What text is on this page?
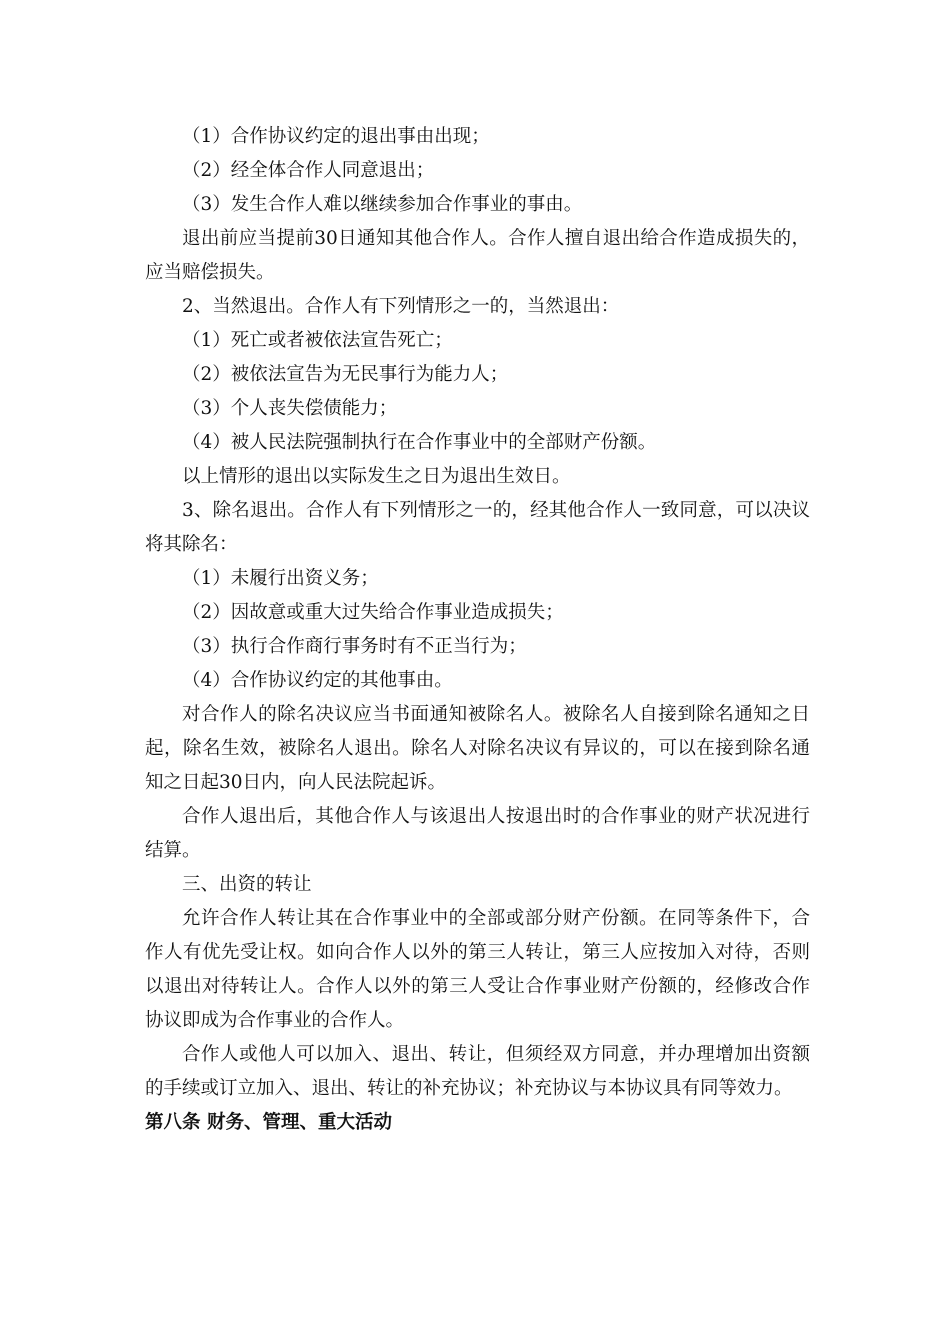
（1）合作协议约定的退出事由出现；

（2）经全体合作人同意退出；

（3）发生合作人难以继续参加合作事业的事由。

退出前应当提前30日通知其他合作人。合作人擅自退出给合作造成损失的，应当赔偿损失。

2、当然退出。合作人有下列情形之一的，当然退出：

（1）死亡或者被依法宣告死亡；

（2）被依法宣告为无民事行为能力人；

（3）个人丧失偿债能力；

（4）被人民法院强制执行在合作事业中的全部财产份额。

以上情形的退出以实际发生之日为退出生效日。

3、除名退出。合作人有下列情形之一的，经其他合作人一致同意，可以决议将其除名：

（1）未履行出资义务；

（2）因故意或重大过失给合作事业造成损失；

（3）执行合作商行事务时有不正当行为；

（4）合作协议约定的其他事由。

对合作人的除名决议应当书面通知被除名人。被除名人自接到除名通知之日起，除名生效，被除名人退出。除名人对除名决议有异议的，可以在接到除名通知之日起30日内，向人民法院起诉。

合作人退出后，其他合作人与该退出人按退出时的合作事业的财产状况进行结算。

三、出资的转让

允许合作人转让其在合作事业中的全部或部分财产份额。在同等条件下，合作人有优先受让权。如向合作人以外的第三人转让，第三人应按加入对待，否则以退出对待转让人。合作人以外的第三人受让合作事业财产份额的，经修改合作协议即成为合作事业的合作人。

合作人或他人可以加入、退出、转让，但须经双方同意，并办理增加出资额的手续或订立加入、退出、转让的补充协议；补充协议与本协议具有同等效力。

第八条 财务、管理、重大活动
